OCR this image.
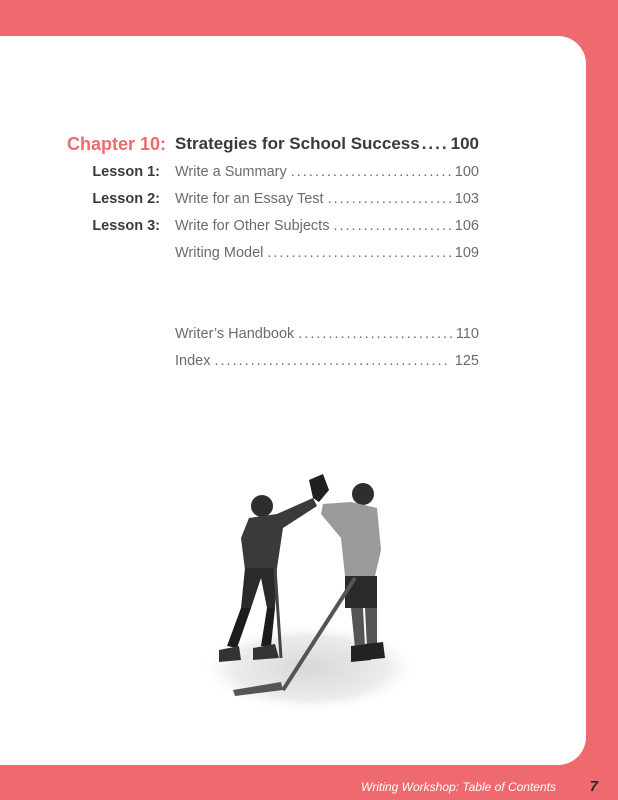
Chapter 10: Strategies for School Success ..... 100
Lesson 1: Write a Summary .....	100
Lesson 2: Write for an Essay Test .....	103
Lesson 3: Write for Other Subjects .....	106
Writing Model .....	109
Writer’s Handbook .....	110
Index .....	125
Writing Workshop: Table of Contents 7
